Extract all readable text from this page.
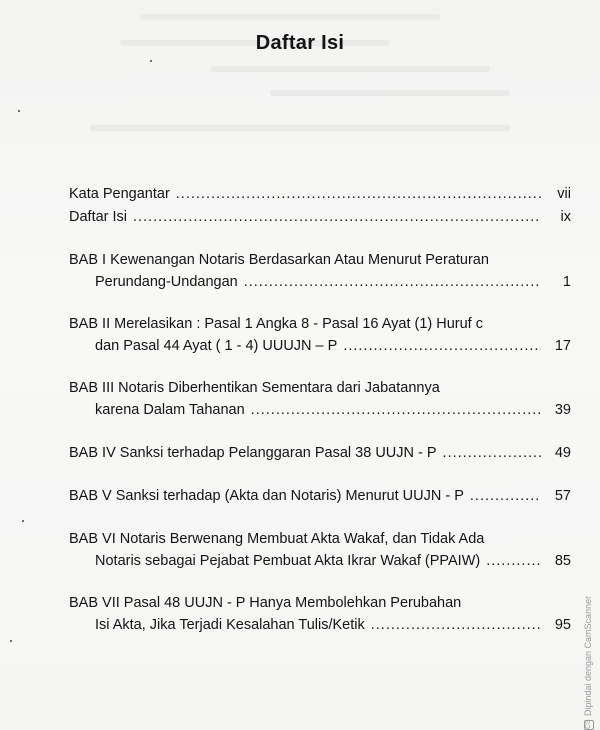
Daftar Isi
Kata Pengantar .....	vii
Daftar Isi .....	ix
BAB I Kewenangan Notaris Berdasarkan Atau Menurut Peraturan
Perundang-Undangan .....	1
BAB II Merelasikan : Pasal 1 Angka 8 - Pasal 16 Ayat (1) Huruf c
dan Pasal 44 Ayat ( 1 - 4) UUUJN – P .....	17
BAB III Notaris Diberhentikan Sementara dari Jabatannya
karena Dalam Tahanan .....	39
BAB IV Sanksi terhadap Pelanggaran Pasal 38 UUJN - P .....	49
BAB V Sanksi terhadap (Akta dan Notaris) Menurut UUJN - P .....	57
BAB VI Notaris Berwenang Membuat Akta Wakaf, dan Tidak Ada
Notaris sebagai Pejabat Pembuat Akta Ikrar Wakaf (PPAIW) .....	85
BAB VII Pasal 48 UUJN - P Hanya Membolehkan Perubahan
Isi Akta, Jika Terjadi Kesalahan Tulis/Ketik .....	95
CSDipindai dengan CamScanner
